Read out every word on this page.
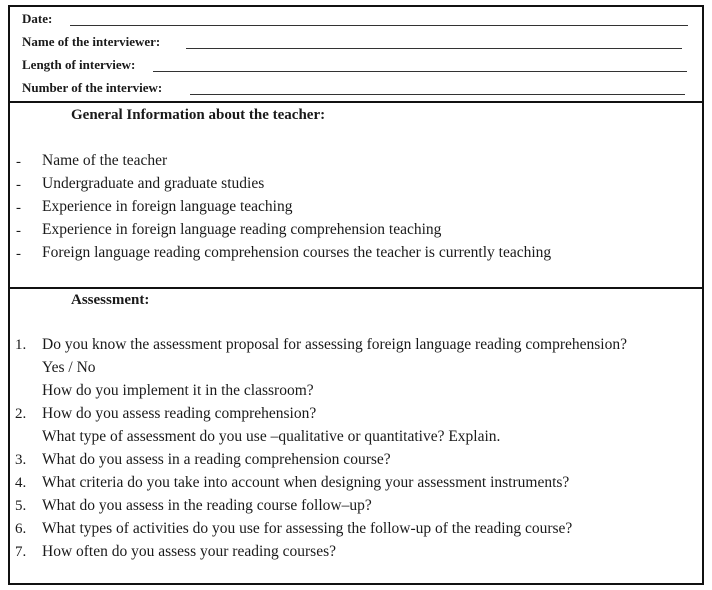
Date:
Name of the interviewer:
Length of interview:
Number of the interview:
General Information about the teacher:
- Name of the teacher
- Undergraduate and graduate studies
- Experience in foreign language teaching
- Experience in foreign language reading comprehension teaching
- Foreign language reading comprehension courses the teacher is currently teaching
Assessment:
1. Do you know the assessment proposal for assessing foreign language reading comprehension?
Yes / No
How do you implement it in the classroom?
2. How do you assess reading comprehension?
What type of assessment do you use –qualitative or quantitative? Explain.
3. What do you assess in a reading comprehension course?
4. What criteria do you take into account when designing your assessment instruments?
5. What do you assess in the reading course follow–up?
6. What types of activities do you use for assessing the follow-up of the reading course?
7. How often do you assess your reading courses?
